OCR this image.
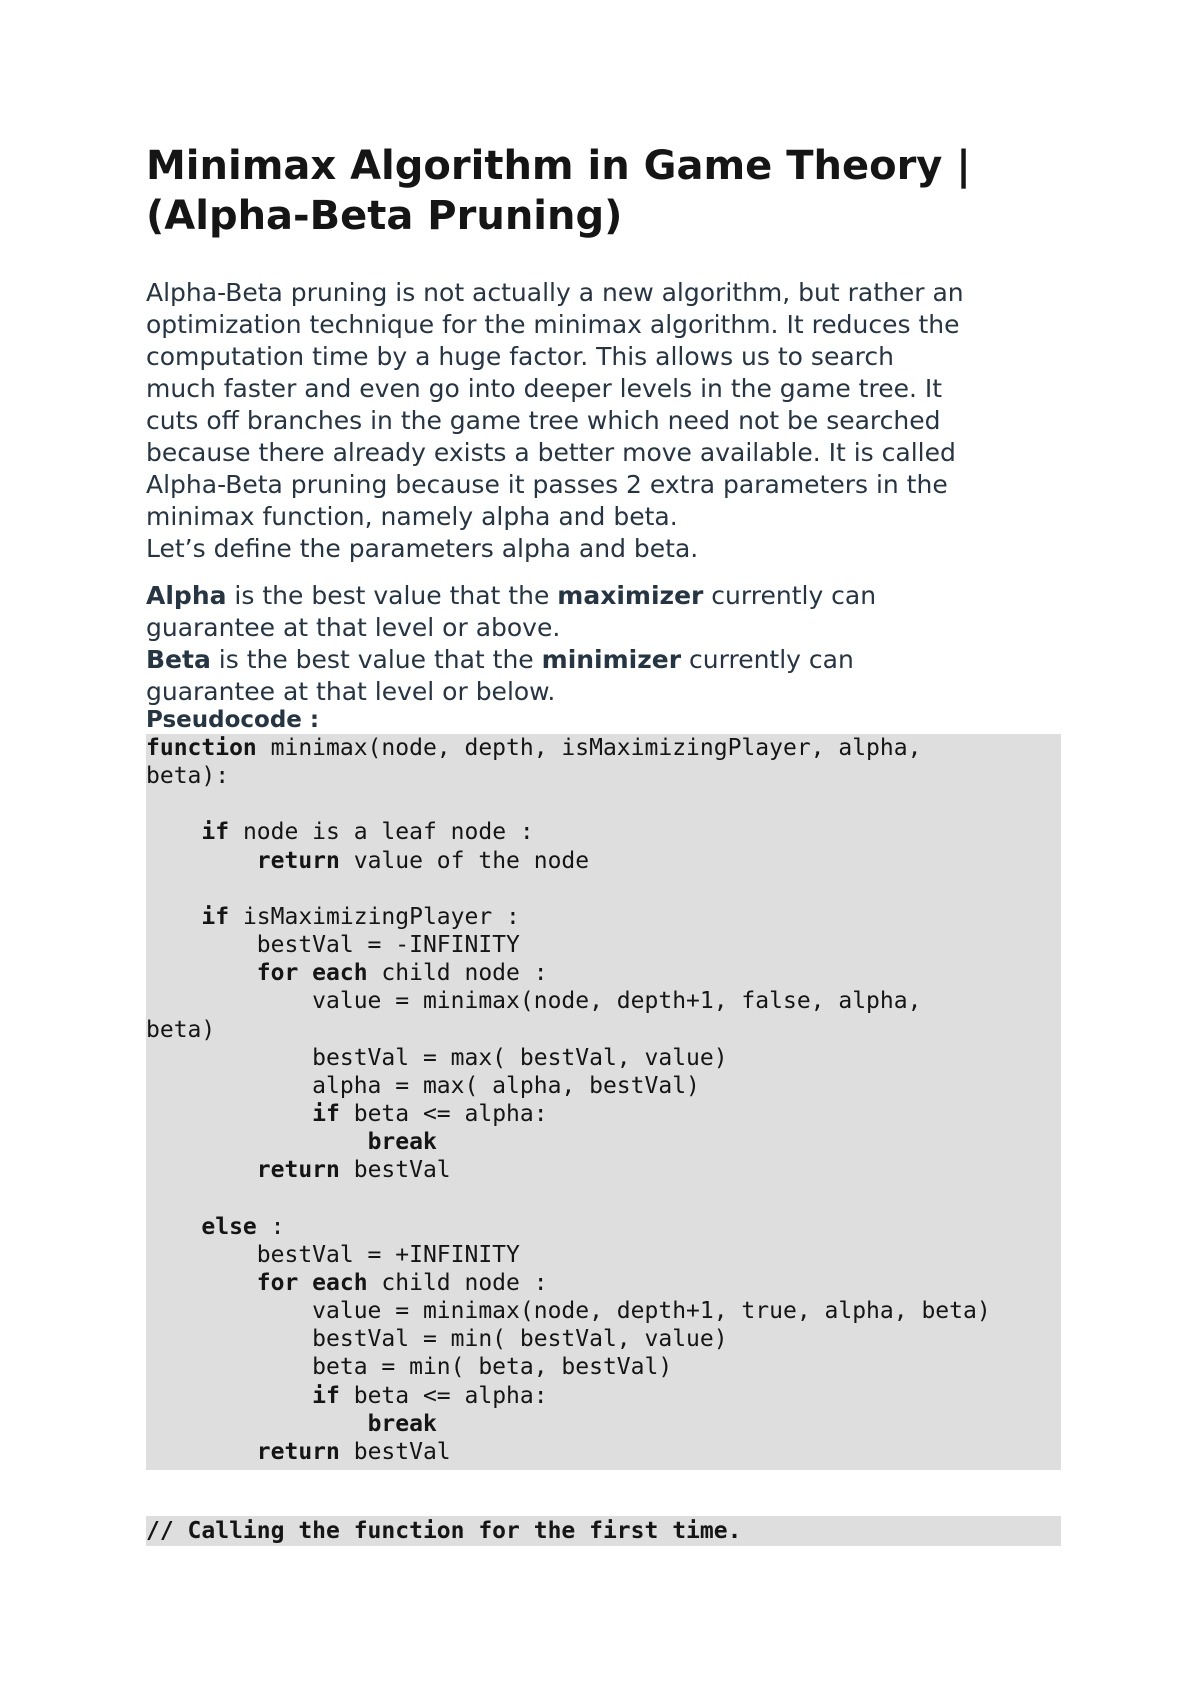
Minimax Algorithm in Game Theory | (Alpha-Beta Pruning)

Alpha-Beta pruning is not actually a new algorithm, but rather an
optimization technique for the minimax algorithm. It reduces the
computation time by a huge factor. This allows us to search
much faster and even go into deeper levels in the game tree. It
cuts off branches in the game tree which need not be searched
because there already exists a better move available. It is called
Alpha-Beta pruning because it passes 2 extra parameters in the
minimax function, namely alpha and beta.
Let’s define the parameters alpha and beta.

Alpha is the best value that the maximizer currently can
guarantee at that level or above.
Beta is the best value that the minimizer currently can
guarantee at that level or below.

Pseudocode :

function minimax(node, depth, isMaximizingPlayer, alpha,
beta):

if node is a leaf node :
return value of the node

if isMaximizingPlayer :
bestVal = -INFINITY
for each child node :
value = minimax(node, depth+1, false, alpha,
beta)
bestVal = max( bestVal, value)
alpha = max( alpha, bestVal)
if beta <= alpha:
break
return bestVal

else :
bestVal = +INFINITY
for each child node :
value = minimax(node, depth+1, true, alpha, beta)
bestVal = min( bestVal, value)
beta = min( beta, bestVal)
if beta <= alpha:
break
return bestVal
// Calling the function for the first time.
